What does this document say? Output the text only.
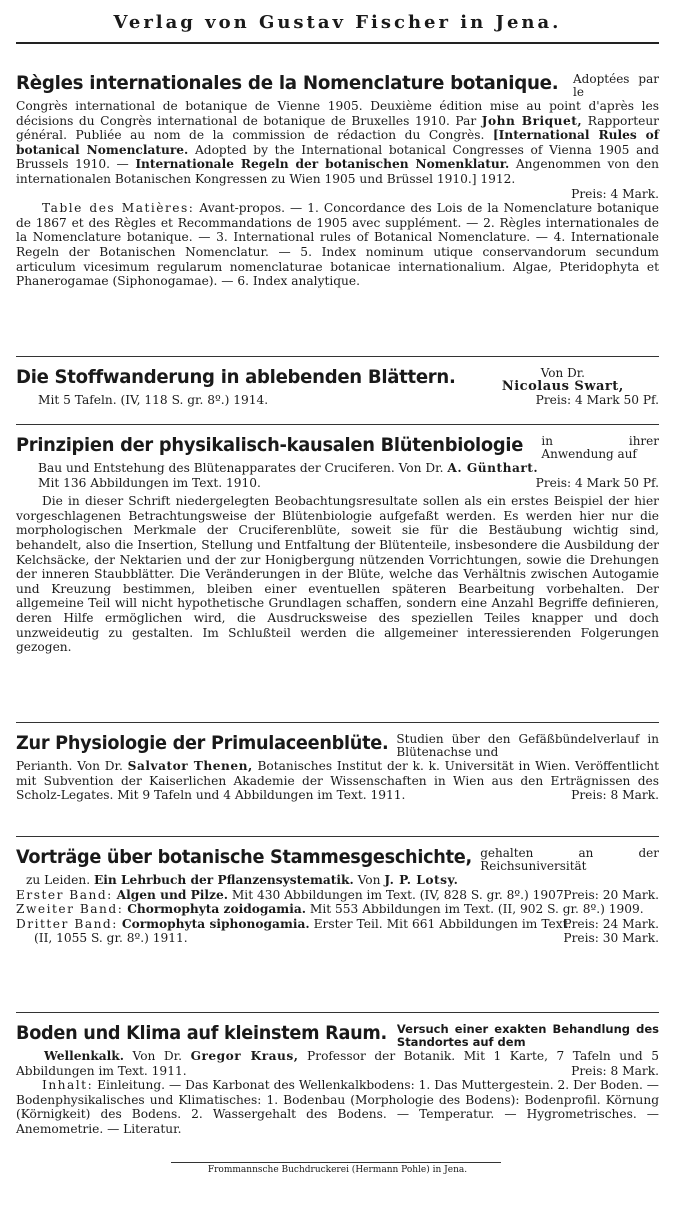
Verlag von Gustav Fischer in Jena.
Règles internationales de la Nomenclature botanique. Adoptées par le

Congrès international de botanique de Vienne 1905. Deuxième édition mise au point d'après les décisions du Congrès international de botanique de Bruxelles 1910. Par John Briquet, Rapporteur général. Publiée au nom de la commission de rédaction du Congrès. [International Rules of botanical Nomenclature. Adopted by the International botanical Congresses of Vienna 1905 and Brussels 1910. — Internationale Regeln der botanischen Nomenklatur. Angenommen von den internationalen Botanischen Kongressen zu Wien 1905 und Brüssel 1910.] 1912.

Preis: 4 Mark.

Table des Matières: Avant-propos. — 1. Concordance des Lois de la Nomenclature botanique de 1867 et des Règles et Recommandations de 1905 avec supplément. — 2. Règles internationales de la Nomenclature botanique. — 3. International rules of Botanical Nomenclature. — 4. Internationale Regeln der Botanischen Nomenclatur. — 5. Index nominum utique conservandorum secundum articulum vicesimum regularum nomenclaturae botanicae internationalium. Algae, Pteridophyta et Phanerogamae (Siphonogamae). — 6. Index analytique.

Die Stoffwanderung in ablebenden Blättern.	Von Dr.
Nicolaus Swart,

Preis: 4 Mark 50 Pf.
Mit 5 Tafeln. (IV, 118 S. gr. 8º.) 1914.

Prinzipien der physikalisch-kausalen Blütenbiologie in ihrer Anwendung auf

Bau und Entstehung des Blütenapparates der Cruciferen. Von Dr. A. Günthart.

Preis: 4 Mark 50 Pf.
Mit 136 Abbildungen im Text. 1910.

Die in dieser Schrift niedergelegten Beobachtungsresultate sollen als ein erstes Beispiel der hier vorgeschlagenen Betrachtungsweise der Blütenbiologie aufgefaßt werden. Es werden hier nur die morphologischen Merkmale der Cruciferenblüte, soweit sie für die Bestäubung wichtig sind, behandelt, also die Insertion, Stellung und Entfaltung der Blütenteile, insbesondere die Ausbildung der Kelchsäcke, der Nektarien und der zur Honigbergung nützenden Vorrichtungen, sowie die Drehungen der inneren Staubblätter. Die Veränderungen in der Blüte, welche das Verhältnis zwischen Autogamie und Kreuzung bestimmen, bleiben einer eventuellen späteren Bearbeitung vorbehalten. Der allgemeine Teil will nicht hypothetische Grundlagen schaffen, sondern eine Anzahl Begriffe definieren, deren Hilfe ermöglichen wird, die Ausdrucksweise des speziellen Teiles knapper und doch unzweideutig zu gestalten. Im Schlußteil werden die allgemeiner interessierenden Folgerungen gezogen.

Zur Physiologie der Primulaceenblüte. Studien über den Gefäßbündelverlauf in Blütenachse und

Perianth. Von Dr. Salvator Thenen, Botanisches Institut der k. k. Universität in Wien. Veröffentlicht mit Subvention der Kaiserlichen Akademie der Wissenschaften in Wien aus den Erträgnissen des Scholz-Legates. Mit 9 Tafeln und 4 Abbildungen im Text. 1911.	Preis: 8 Mark.

Vorträge über botanische Stammesgeschichte, gehalten an der Reichsuniversität

zu Leiden. Ein Lehrbuch der Pflanzensystematik. Von J. P. Lotsy.

Erster Band: Algen und Pilze. Mit 430 Abbildungen im Text. (IV, 828 S. gr. 8º.) 1907.
Preis: 20 Mark.

Zweiter Band: Chormophyta zoidogamia. Mit 553 Abbildungen im Text. (II, 902 S. gr. 8º.) 1909.
Preis: 24 Mark.

Dritter Band: Cormophyta siphonogamia. Erster Teil. Mit 661 Abbildungen im Text. (II, 1055 S. gr. 8º.) 1911.	Preis: 30 Mark.

Boden und Klima auf kleinstem Raum. Versuch einer exakten Behandlung des Standortes auf dem

Wellenkalk. Von Dr. Gregor Kraus, Professor der Botanik. Mit 1 Karte, 7 Tafeln und 5 Abbildungen im Text. 1911.	Preis: 8 Mark.

Inhalt: Einleitung. — Das Karbonat des Wellenkalkbodens: 1. Das Muttergestein. 2. Der Boden. — Bodenphysikalisches und Klimatisches: 1. Bodenbau (Morphologie des Bodens): Bodenprofil. Körnung (Körnigkeit) des Bodens. 2. Wassergehalt des Bodens. — Temperatur. — Hygrometrisches. — Anemometrie. — Literatur.

Frommannsche Buchdruckerei (Hermann Pohle) in Jena.
